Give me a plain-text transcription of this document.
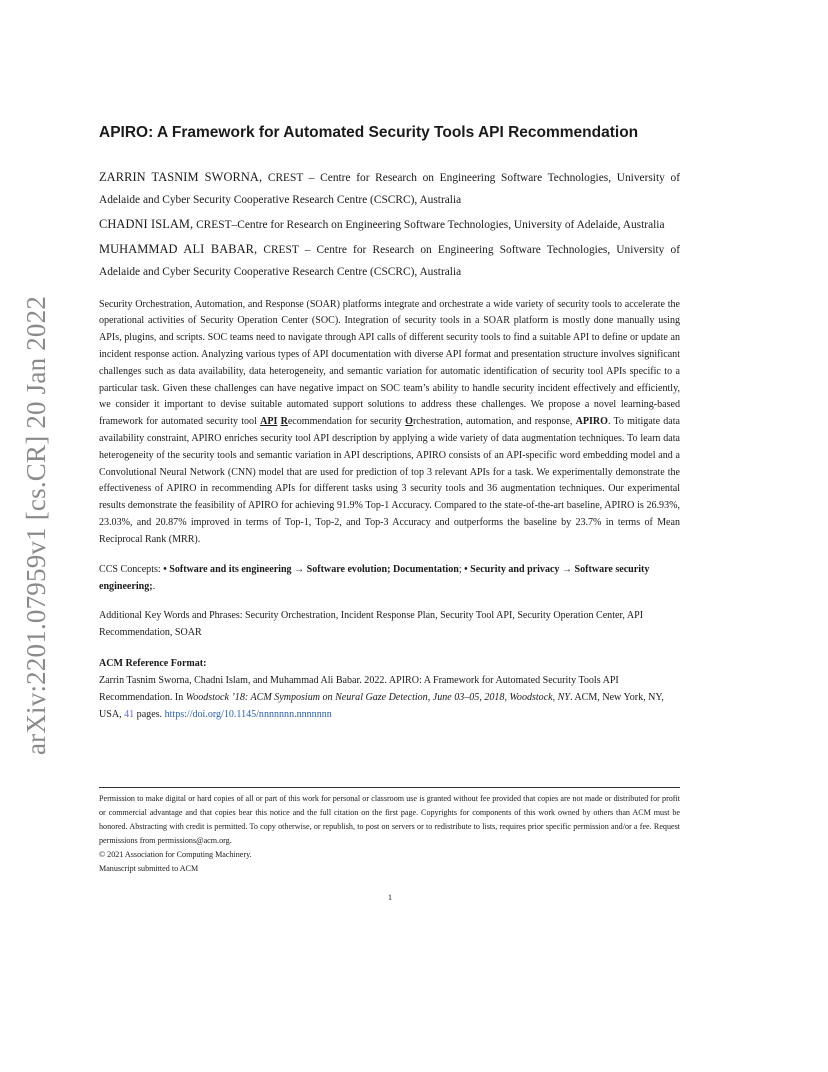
arXiv:2201.07959v1 [cs.CR] 20 Jan 2022
APIRO: A Framework for Automated Security Tools API Recommendation

ZARRIN TASNIM SWORNA, CREST – Centre for Research on Engineering Software Technologies, University of Adelaide and Cyber Security Cooperative Research Centre (CSCRC), Australia

CHADNI ISLAM, CREST–Centre for Research on Engineering Software Technologies, University of Adelaide, Australia

MUHAMMAD ALI BABAR, CREST – Centre for Research on Engineering Software Technologies, University of Adelaide and Cyber Security Cooperative Research Centre (CSCRC), Australia

Security Orchestration, Automation, and Response (SOAR) platforms integrate and orchestrate a wide variety of security tools to accelerate the operational activities of Security Operation Center (SOC). Integration of security tools in a SOAR platform is mostly done manually using APIs, plugins, and scripts. SOC teams need to navigate through API calls of different security tools to find a suitable API to define or update an incident response action. Analyzing various types of API documentation with diverse API format and presentation structure involves significant challenges such as data availability, data heterogeneity, and semantic variation for automatic identification of security tool APIs specific to a particular task. Given these challenges can have negative impact on SOC team’s ability to handle security incident effectively and efficiently, we consider it important to devise suitable automated support solutions to address these challenges. We propose a novel learning-based framework for automated security tool API Recommendation for security Orchestration, automation, and response, APIRO. To mitigate data availability constraint, APIRO enriches security tool API description by applying a wide variety of data augmentation techniques. To learn data heterogeneity of the security tools and semantic variation in API descriptions, APIRO consists of an API-specific word embedding model and a Convolutional Neural Network (CNN) model that are used for prediction of top 3 relevant APIs for a task. We experimentally demonstrate the effectiveness of APIRO in recommending APIs for different tasks using 3 security tools and 36 augmentation techniques. Our experimental results demonstrate the feasibility of APIRO for achieving 91.9% Top-1 Accuracy. Compared to the state-of-the-art baseline, APIRO is 26.93%, 23.03%, and 20.87% improved in terms of Top-1, Top-2, and Top-3 Accuracy and outperforms the baseline by 23.7% in terms of Mean Reciprocal Rank (MRR).
CCS Concepts: • Software and its engineering → Software evolution; Documentation; • Security and privacy → Software security engineering;.
Additional Key Words and Phrases: Security Orchestration, Incident Response Plan, Security Tool API, Security Operation Center, API Recommendation, SOAR
ACM Reference Format:
Zarrin Tasnim Sworna, Chadni Islam, and Muhammad Ali Babar. 2022. APIRO: A Framework for Automated Security Tools API Recommendation. In Woodstock ’18: ACM Symposium on Neural Gaze Detection, June 03–05, 2018, Woodstock, NY. ACM, New York, NY, USA, 41 pages. https://doi.org/10.1145/nnnnnnn.nnnnnnn

Permission to make digital or hard copies of all or part of this work for personal or classroom use is granted without fee provided that copies are not made or distributed for profit or commercial advantage and that copies bear this notice and the full citation on the first page. Copyrights for components of this work owned by others than ACM must be honored. Abstracting with credit is permitted. To copy otherwise, or republish, to post on servers or to redistribute to lists, requires prior specific permission and/or a fee. Request permissions from permissions@acm.org.

© 2021 Association for Computing Machinery.

Manuscript submitted to ACM

1
